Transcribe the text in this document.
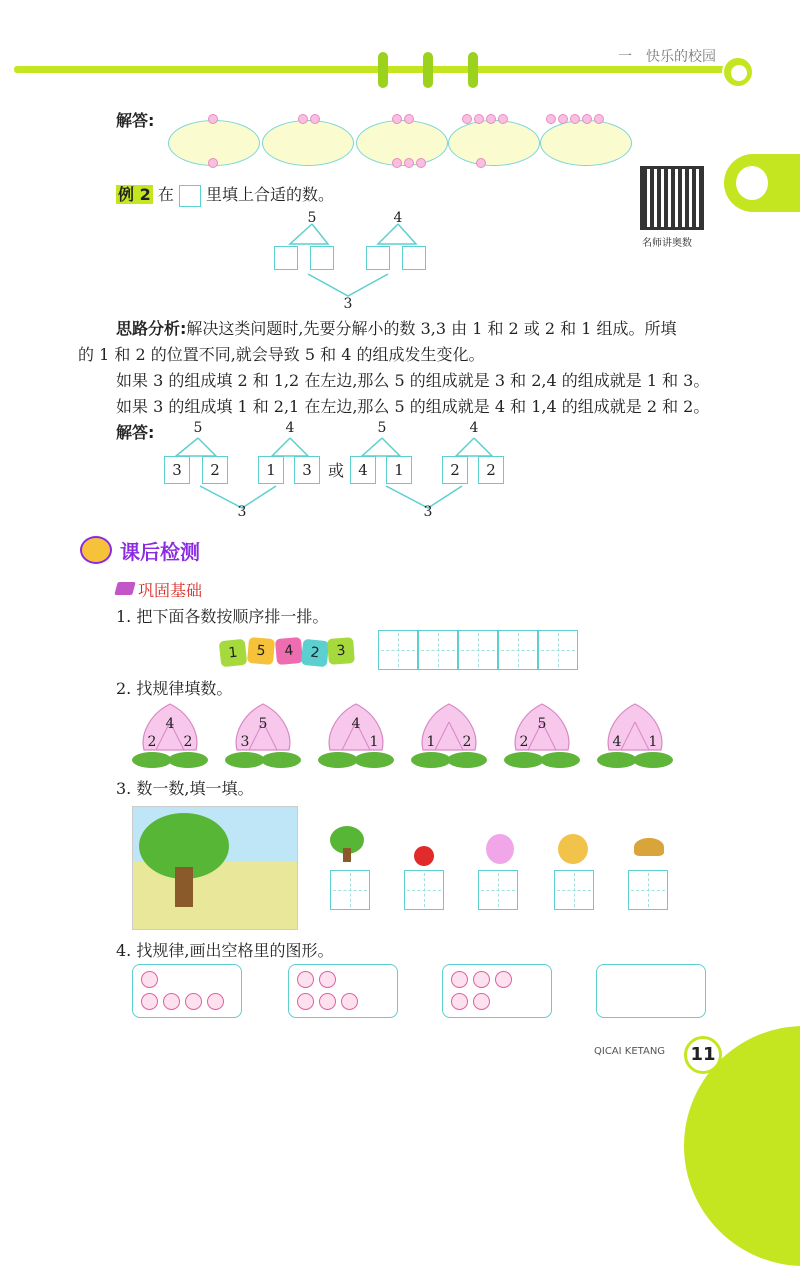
一　快乐的校园
解答:
例 2 在 里填上合适的数。
名师讲奥数
5	4
3
思路分析:解决这类问题时,先要分解小的数 3,3 由 1 和 2 或 2 和 1 组成。所填
的 1 和 2 的位置不同,就会导致 5 和 4 的组成发生变化。
如果 3 的组成填 2 和 1,2 在左边,那么 5 的组成就是 3 和 2,4 的组成就是 1 和 3。
如果 3 的组成填 1 和 2,1 在左边,那么 5 的组成就是 4 和 1,4 的组成就是 2 和 2。
解答:	5	4
3	2	1	3
3
或
5	4
4	1	2	2
3
课后检测
巩固基础
1. 把下面各数按顺序排一排。
1	5	4	2	3
2. 找规律填数。
4
2	2
5
3
4
1	1	2
5
2	4	1
3. 数一数,填一填。
4. 找规律,画出空格里的图形。
QICAI KETANG	11
